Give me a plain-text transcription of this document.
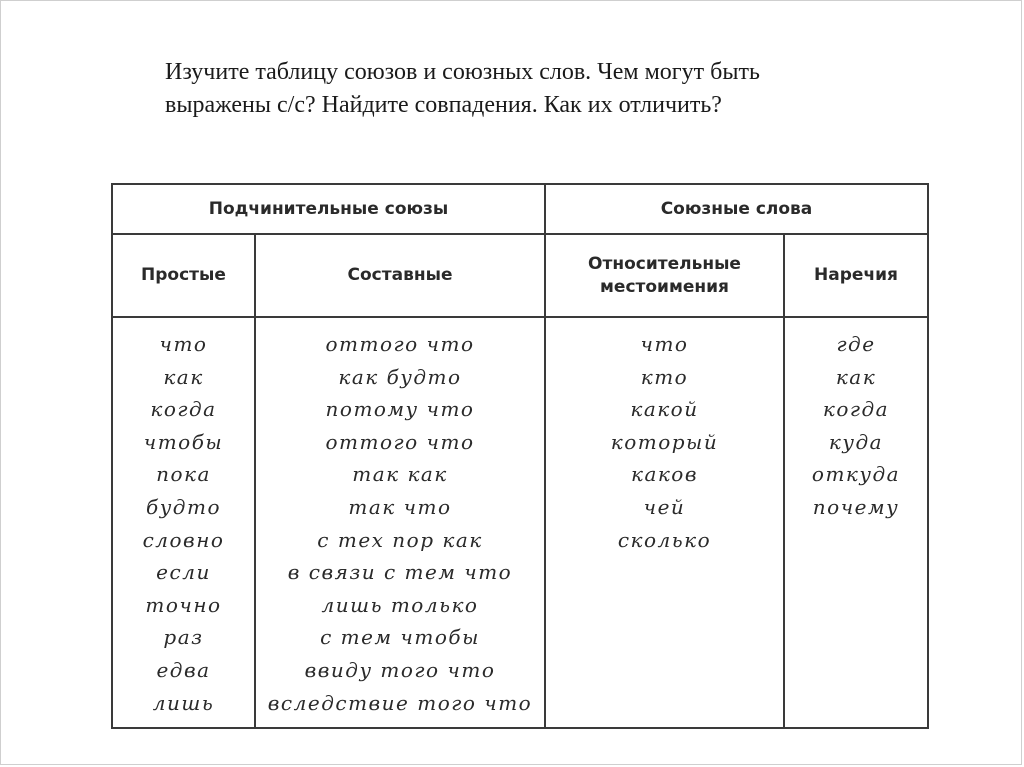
Изучите таблицу союзов и союзных слов. Чем могут быть
выражены с/с? Найдите совпадения. Как их отличить?
Подчинительные союзы	Союзные слова
Простые	Составные
Относительные
местоимения
Наречия
что
как
когда
чтобы
пока
будто
словно
если
точно
раз
едва
лишь
оттого что
как будто
потому что
оттого что
так как
так что
с тех пор как
в связи с тем что
лишь только
с тем чтобы
ввиду того что
вследствие того что
что
кто
какой
который
каков
чей
сколько
где
как
когда
куда
откуда
почему
